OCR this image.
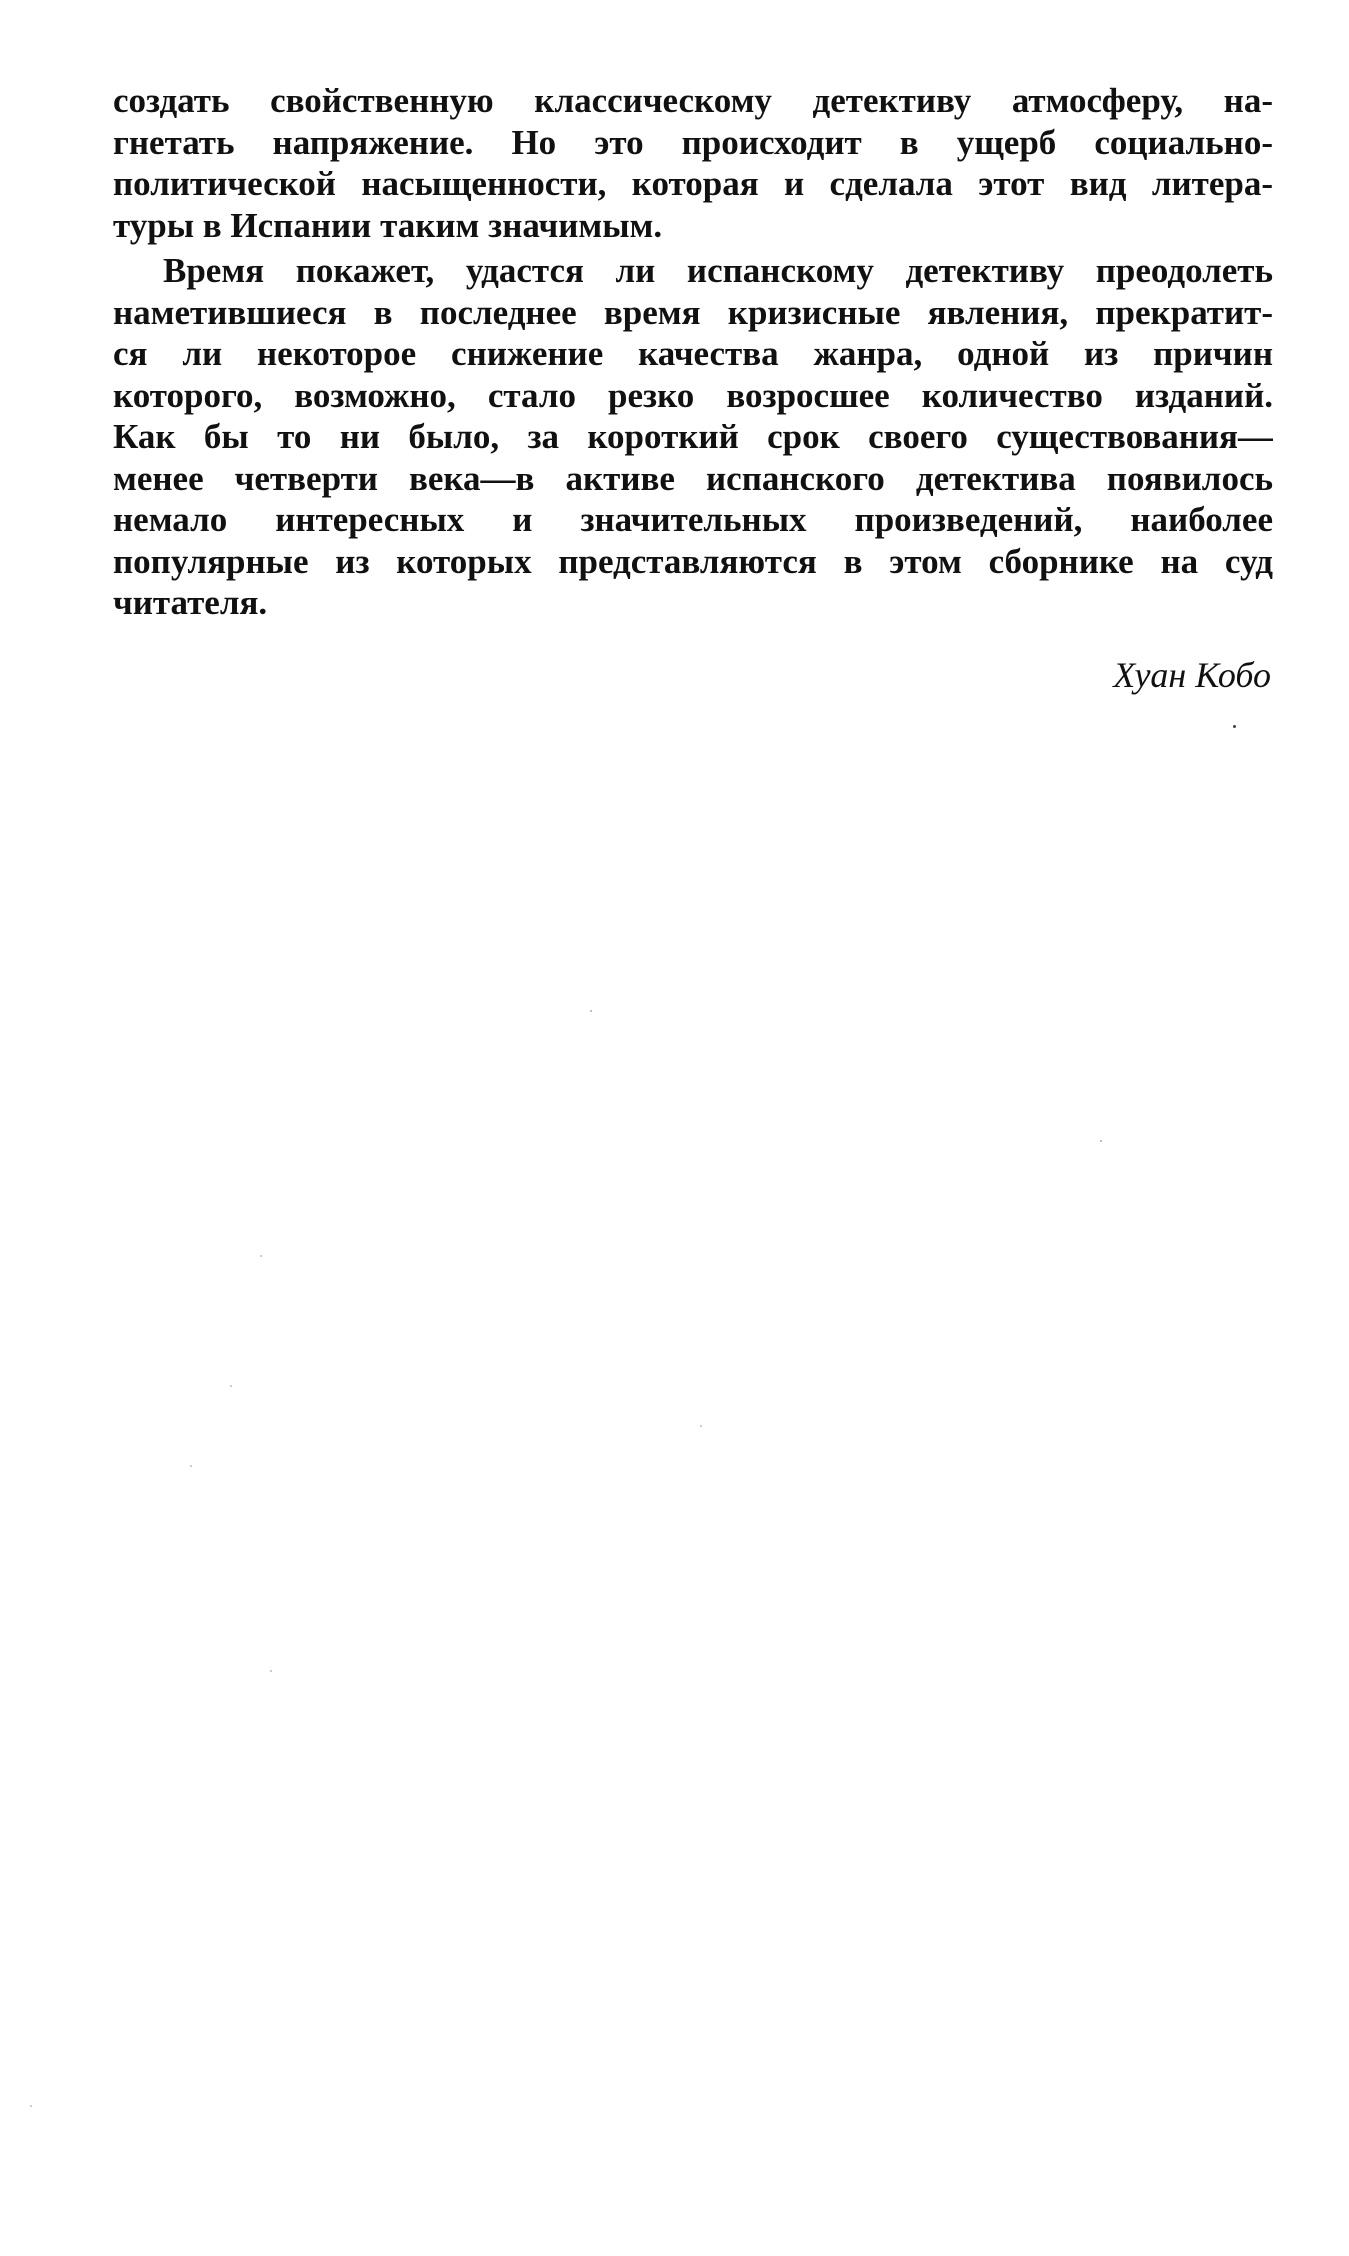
создать свойственную классическому детективу атмосферу, на-
гнетать напряжение. Но это происходит в ущерб социально-
политической насыщенности, которая и сделала этот вид литера-
туры в Испании таким значимым.
Время покажет, удастся ли испанскому детективу преодолеть
наметившиеся в последнее время кризисные явления, прекратит-
ся ли некоторое снижение качества жанра, одной из причин
которого, возможно, стало резко возросшее количество изданий.
Как бы то ни было, за короткий срок своего существования—
менее четверти века—в активе испанского детектива появилось
немало интересных и значительных произведений, наиболее
популярные из которых представляются в этом сборнике на суд
читателя.
Хуан Кобо
